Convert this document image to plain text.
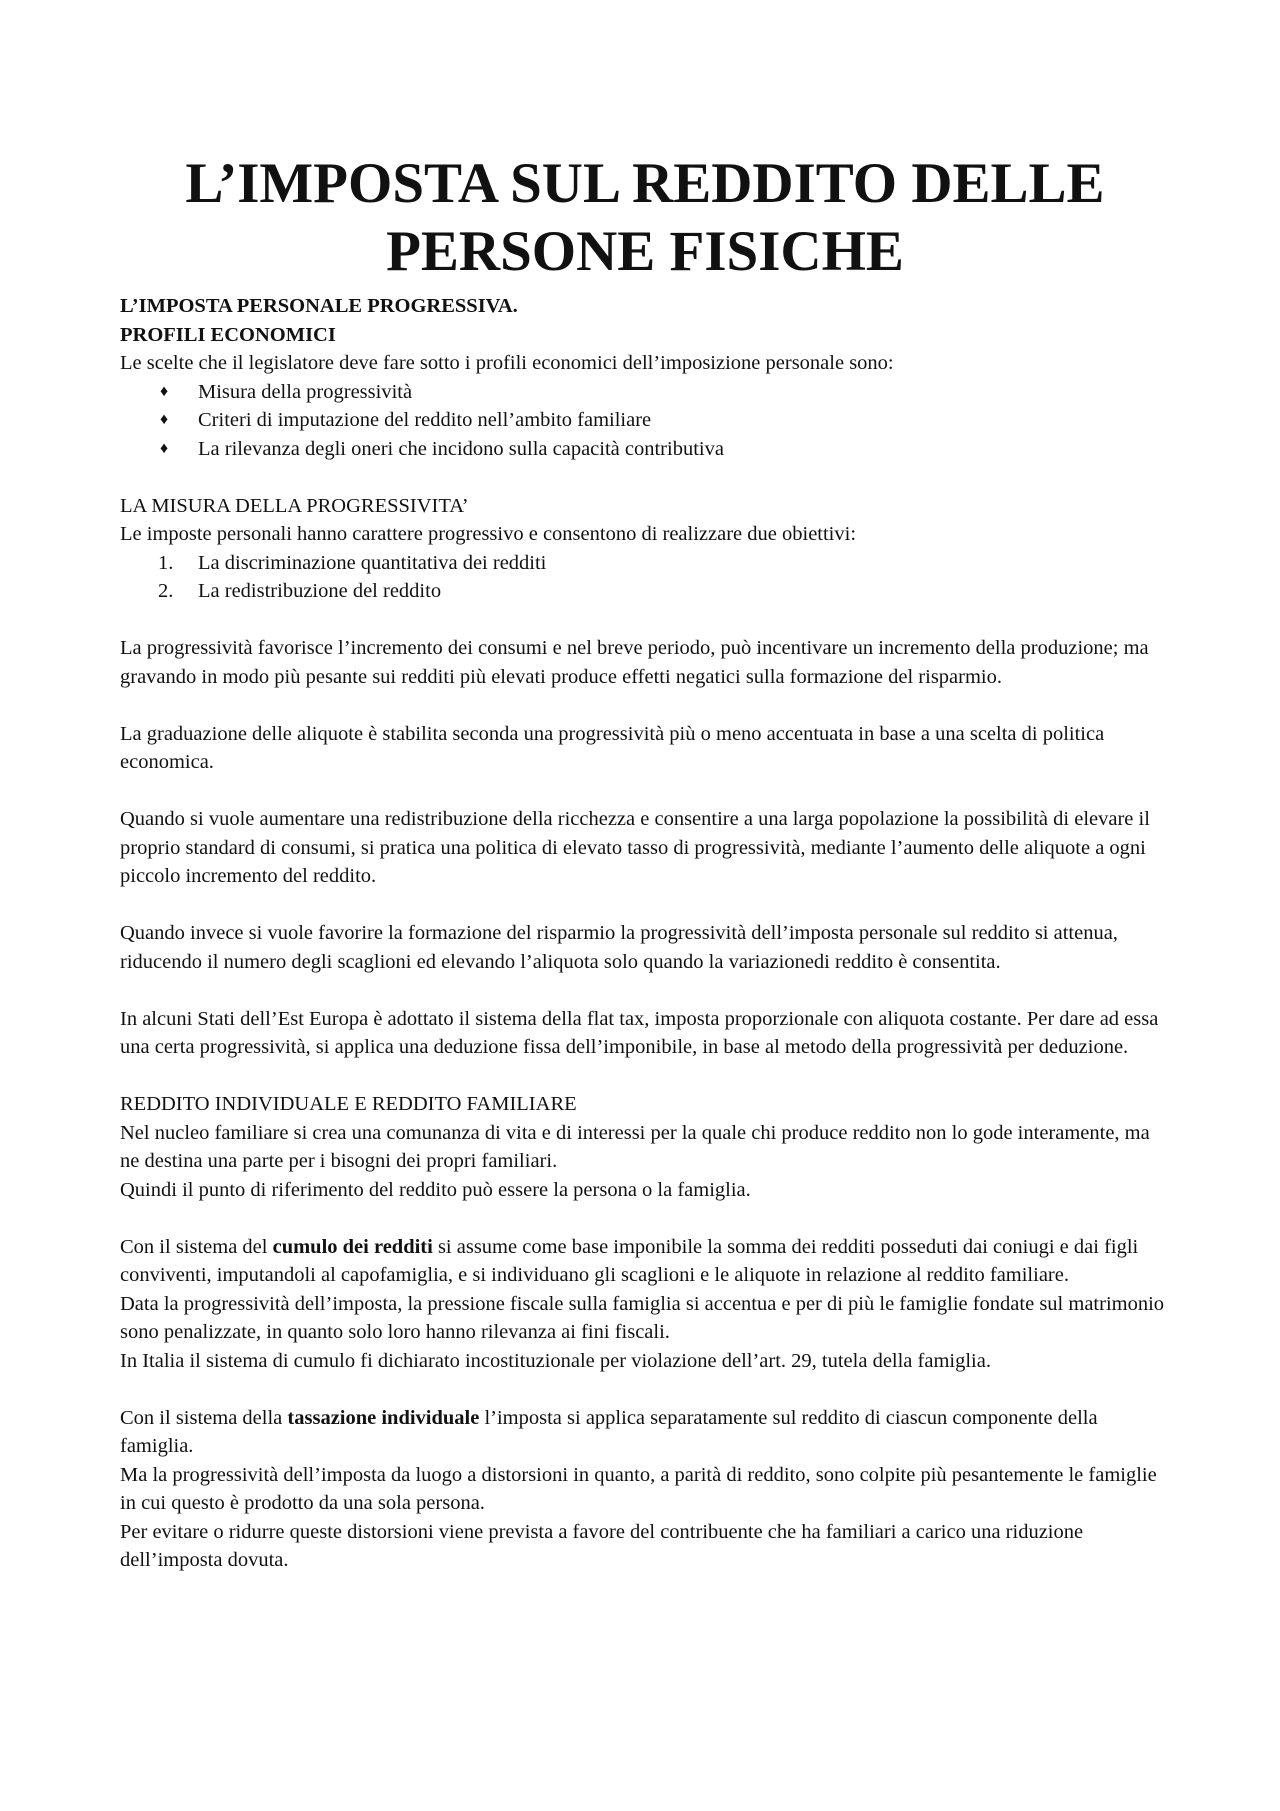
L’IMPOSTA SUL REDDITO DELLE
PERSONE FISICHE

L’IMPOSTA PERSONALE PROGRESSIVA.

PROFILI ECONOMICI

Le scelte che il legislatore deve fare sotto i profili economici dell’imposizione personale sono:

♦ Misura della progressività
♦ Criteri di imputazione del reddito nell’ambito familiare
♦ La rilevanza degli oneri che incidono sulla capacità contributiva

LA MISURA DELLA PROGRESSIVITA’

Le imposte personali hanno carattere progressivo e consentono di realizzare due obiettivi:

1. La discriminazione quantitativa dei redditi
2. La redistribuzione del reddito

La progressività favorisce l’incremento dei consumi e nel breve periodo, può incentivare un incremento della produzione; ma gravando in modo più pesante sui redditi più elevati produce effetti negatici sulla formazione del risparmio.

La graduazione delle aliquote è stabilita seconda una progressività più o meno accentuata in base a una scelta di politica economica.

Quando si vuole aumentare una redistribuzione della ricchezza e consentire a una larga popolazione la possibilità di elevare il proprio standard di consumi, si pratica una politica di elevato tasso di progressività, mediante l’aumento delle aliquote a ogni piccolo incremento del reddito.

Quando invece si vuole favorire la formazione del risparmio la progressività dell’imposta personale sul reddito si attenua, riducendo il numero degli scaglioni ed elevando l’aliquota solo quando la variazionedi reddito è consentita.

In alcuni Stati dell’Est Europa è adottato il sistema della flat tax, imposta proporzionale con aliquota costante. Per dare ad essa una certa progressività, si applica una deduzione fissa dell’imponibile, in base al metodo della progressività per deduzione.

REDDITO INDIVIDUALE E REDDITO FAMILIARE

Nel nucleo familiare si crea una comunanza di vita e di interessi per la quale chi produce reddito non lo gode interamente, ma ne destina una parte per i bisogni dei propri familiari.

Quindi il punto di riferimento del reddito può essere la persona o la famiglia.

Con il sistema del cumulo dei redditi si assume come base imponibile la somma dei redditi posseduti dai coniugi e dai figli conviventi, imputandoli al capofamiglia, e si individuano gli scaglioni e le aliquote in relazione al reddito familiare.

Data la progressività dell’imposta, la pressione fiscale sulla famiglia si accentua e per di più le famiglie fondate sul matrimonio sono penalizzate, in quanto solo loro hanno rilevanza ai fini fiscali.

In Italia il sistema di cumulo fi dichiarato incostituzionale per violazione dell’art. 29, tutela della famiglia.

Con il sistema della tassazione individuale l’imposta si applica separatamente sul reddito di ciascun componente della famiglia.

Ma la progressività dell’imposta da luogo a distorsioni in quanto, a parità di reddito, sono colpite più pesantemente le famiglie in cui questo è prodotto da una sola persona.

Per evitare o ridurre queste distorsioni viene prevista a favore del contribuente che ha familiari a carico una riduzione dell’imposta dovuta.
